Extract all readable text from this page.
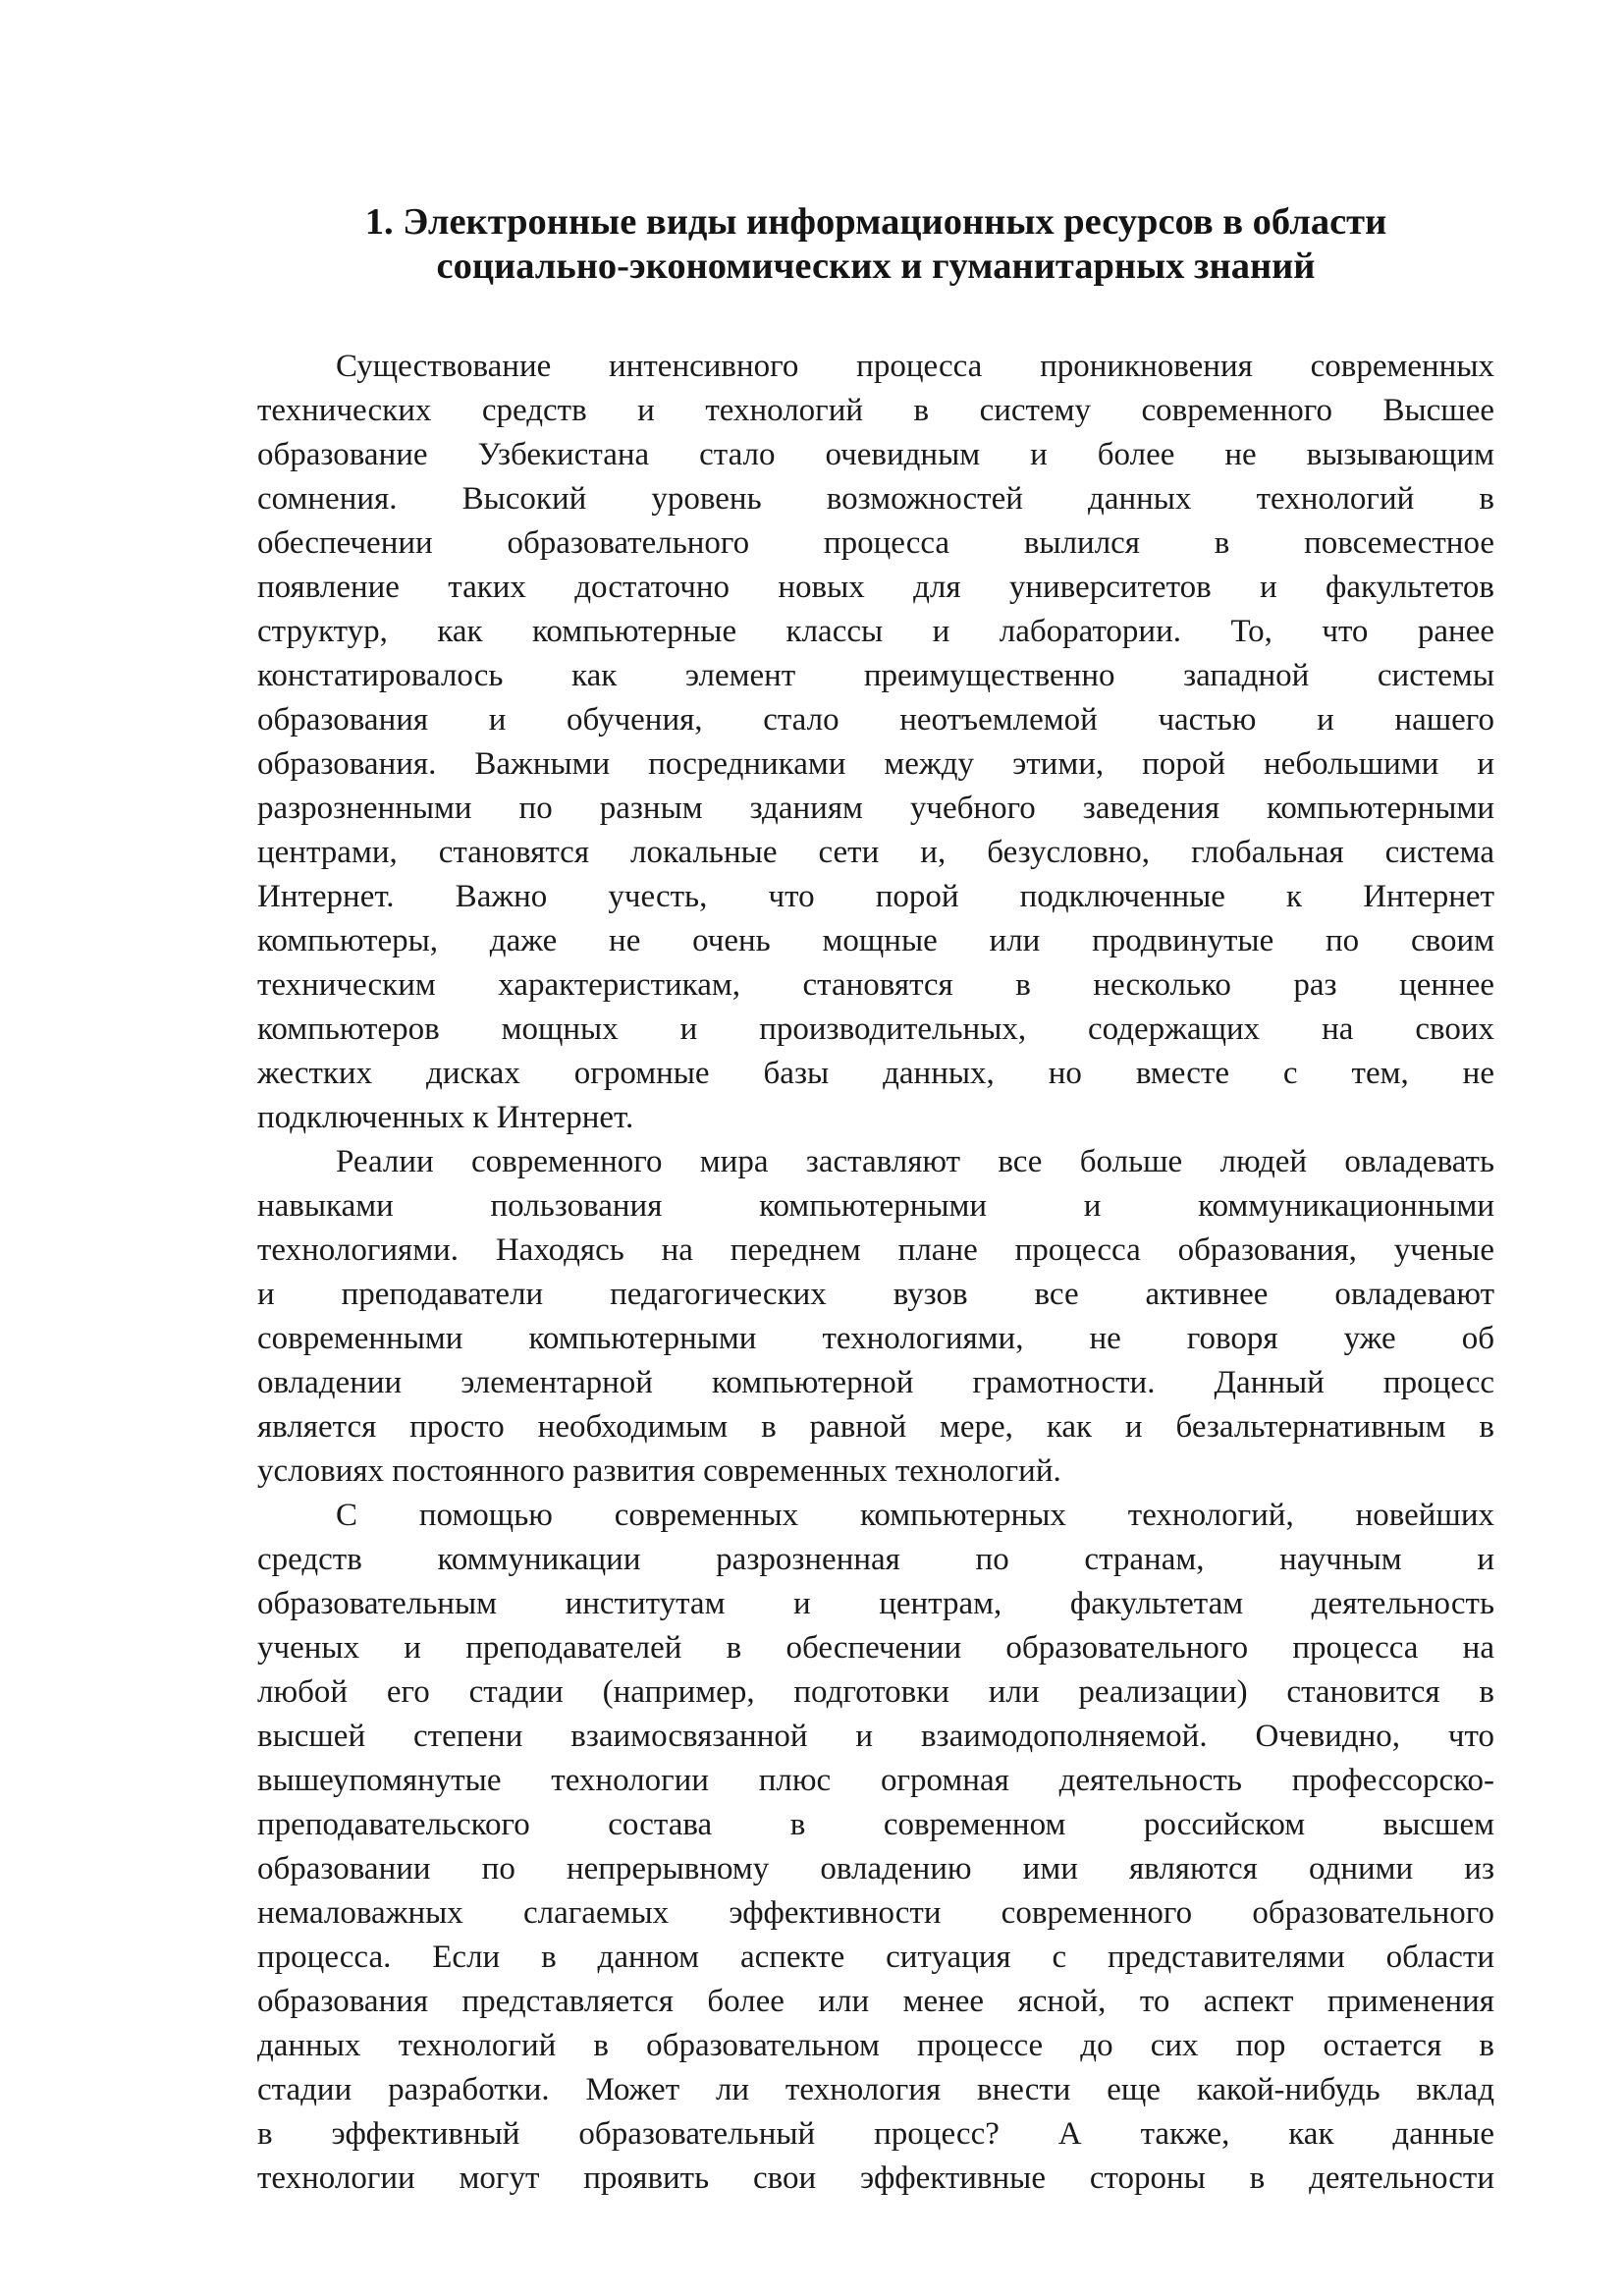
1. Электронные виды информационных ресурсов в области
социально-экономических и гуманитарных знаний

Существование интенсивного процесса проникновения современных
технических средств и технологий в систему современного Высшее
образование Узбекистана стало очевидным и более не вызывающим
сомнения. Высокий уровень возможностей данных технологий в
обеспечении образовательного процесса вылился в повсеместное
появление таких достаточно новых для университетов и факультетов
структур, как компьютерные классы и лаборатории. То, что ранее
констатировалось как элемент преимущественно западной системы
образования и обучения, стало неотъемлемой частью и нашего
образования. Важными посредниками между этими, порой небольшими и
разрозненными по разным зданиям учебного заведения компьютерными
центрами, становятся локальные сети и, безусловно, глобальная система
Интернет. Важно учесть, что порой подключенные к Интернет
компьютеры, даже не очень мощные или продвинутые по своим
техническим характеристикам, становятся в несколько раз ценнее
компьютеров мощных и производительных, содержащих на своих
жестких дисках огромные базы данных, но вместе с тем, не
подключенных к Интернет.

Реалии современного мира заставляют все больше людей овладевать
навыками пользования компьютерными и коммуникационными
технологиями. Находясь на переднем плане процесса образования, ученые
и преподаватели педагогических вузов все активнее овладевают
современными компьютерными технологиями, не говоря уже об
овладении элементарной компьютерной грамотности. Данный процесс
является просто необходимым в равной мере, как и безальтернативным в
условиях постоянного развития современных технологий.

С помощью современных компьютерных технологий, новейших
средств коммуникации разрозненная по странам, научным и
образовательным институтам и центрам, факультетам деятельность
ученых и преподавателей в обеспечении образовательного процесса на
любой его стадии (например, подготовки или реализации) становится в
высшей степени взаимосвязанной и взаимодополняемой. Очевидно, что
вышеупомянутые технологии плюс огромная деятельность профессорско-
преподавательского состава в современном российском высшем
образовании по непрерывному овладению ими являются одними из
немаловажных слагаемых эффективности современного образовательного
процесса. Если в данном аспекте ситуация с представителями области
образования представляется более или менее ясной, то аспект применения
данных технологий в образовательном процессе до сих пор остается в
стадии разработки. Может ли технология внести еще какой-нибудь вклад
в эффективный образовательный процесс? А также, как данные
технологии могут проявить свои эффективные стороны в деятельности
